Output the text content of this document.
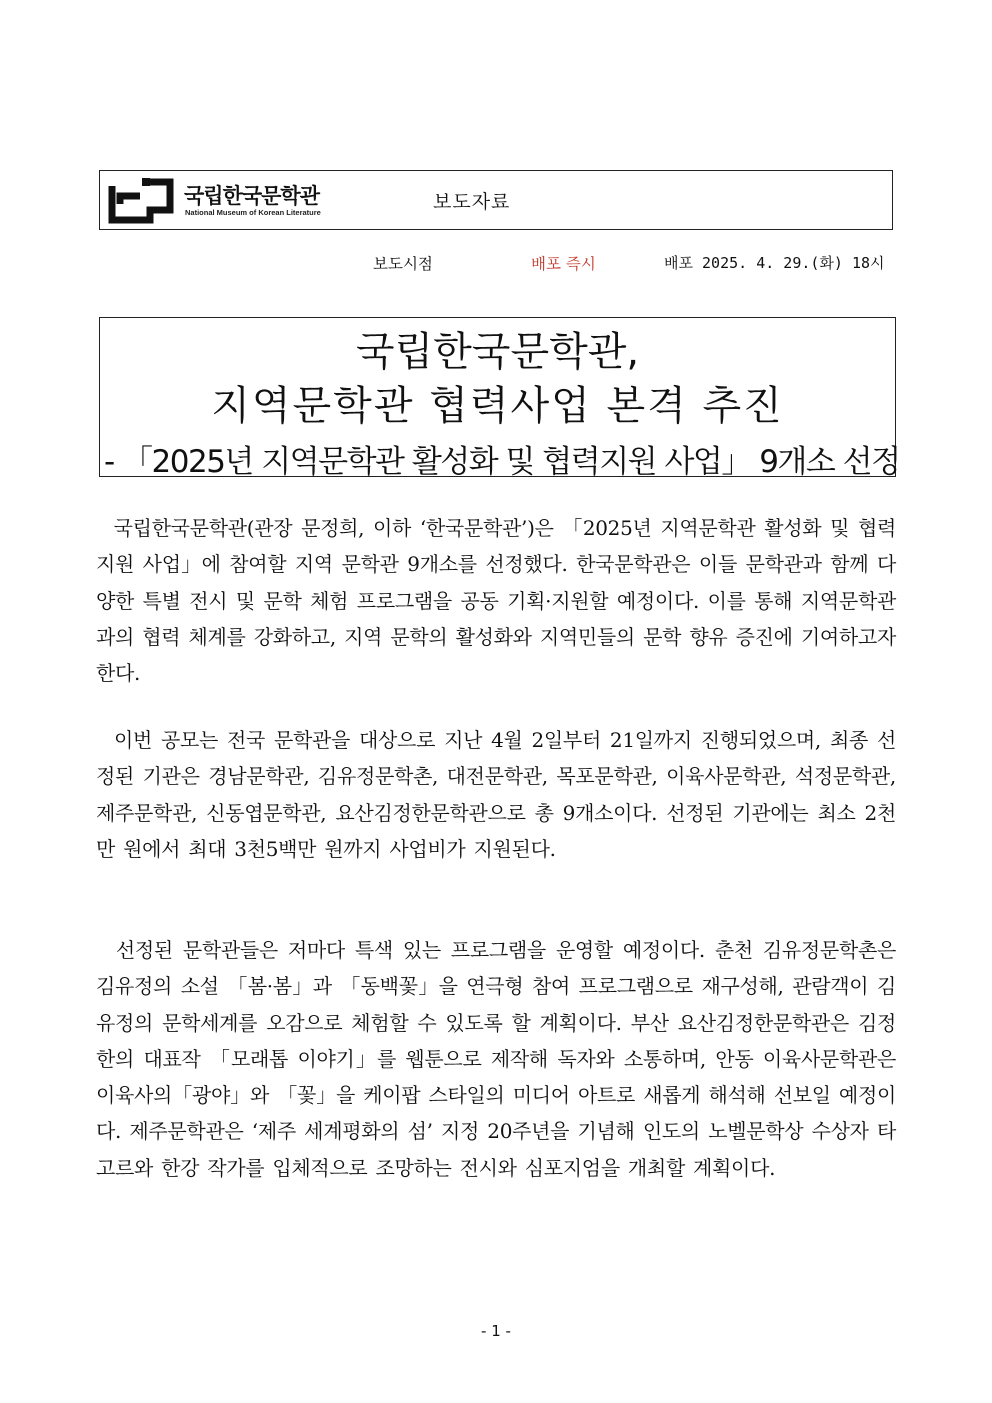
국립한국문학관
National Museum of Korean Literature	보도자료
보도시점	배포 즉시	배포 2025. 4. 29.(화) 18시
국립한국문학관,
지역문학관 협력사업 본격 추진
- 「2025년 지역문학관 활성화 및 협력지원 사업」 9개소 선정
국립한국문학관(관장 문정희, 이하 ‘한국문학관’)은 「2025년 지역문학관 활성화 및 협력지원 사업」에 참여할 지역 문학관 9개소를 선정했다. 한국문학관은 이들 문학관과 함께 다양한 특별 전시 및 문학 체험 프로그램을 공동 기획·지원할 예정이다. 이를 통해 지역문학관과의 협력 체계를 강화하고, 지역 문학의 활성화와 지역민들의 문학 향유 증진에 기여하고자 한다.
이번 공모는 전국 문학관을 대상으로 지난 4월 2일부터 21일까지 진행되었으며, 최종 선정된 기관은 경남문학관, 김유정문학촌, 대전문학관, 목포문학관, 이육사문학관, 석정문학관, 제주문학관, 신동엽문학관, 요산김정한문학관으로 총 9개소이다. 선정된 기관에는 최소 2천만 원에서 최대 3천5백만 원까지 사업비가 지원된다.
선정된 문학관들은 저마다 특색 있는 프로그램을 운영할 예정이다. 춘천 김유정문학촌은 김유정의 소설 「봄·봄」과 「동백꽃」을 연극형 참여 프로그램으로 재구성해, 관람객이 김유정의 문학세계를 오감으로 체험할 수 있도록 할 계획이다. 부산 요산김정한문학관은 김정한의 대표작 「모래톱 이야기」를 웹툰으로 제작해 독자와 소통하며, 안동 이육사문학관은 이육사의「광야」와 「꽃」을 케이팝 스타일의 미디어 아트로 새롭게 해석해 선보일 예정이다. 제주문학관은 ‘제주 세계평화의 섬’ 지정 20주년을 기념해 인도의 노벨문학상 수상자 타고르와 한강 작가를 입체적으로 조망하는 전시와 심포지엄을 개최할 계획이다.
- 1 -
